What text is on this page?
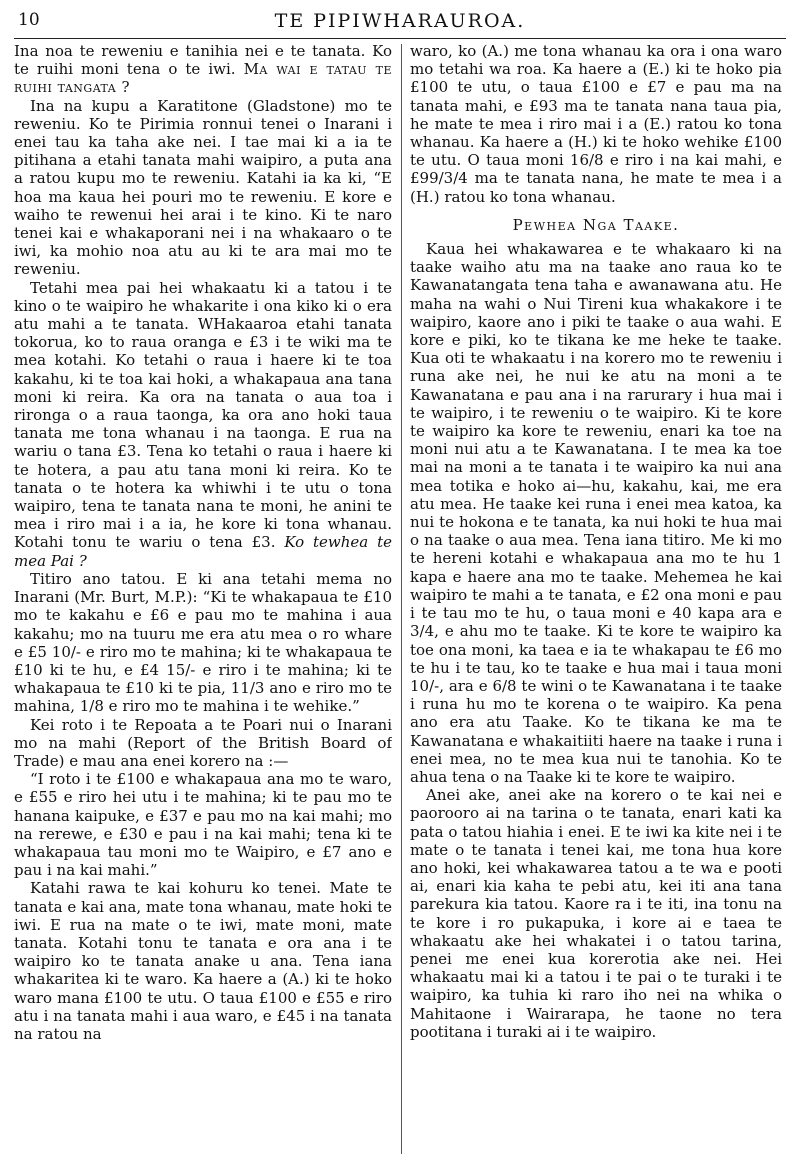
10	TE PIPIWHARAUROA.

Ina noa te reweniu e tanihia nei e te tanata. Ko te ruihi moni tena o te iwi. Ma wai e tatau te ruihi tangata ?

Ina na kupu a Karatitone (Gladstone) mo te reweniu. Ko te Pirimia ronnui tenei o Inarani i enei tau ka taha ake nei. I tae mai ki a ia te pitihana a etahi tanata mahi waipiro, a puta ana a ratou kupu mo te reweniu. Katahi ia ka ki, “E hoa ma kaua hei pouri mo te reweniu. E kore e waiho te rewenui hei arai i te kino. Ki te naro tenei kai e whakaporani nei i na whakaaro o te iwi, ka mohio noa atu au ki te ara mai mo te reweniu.

Tetahi mea pai hei whakaatu ki a tatou i te kino o te waipiro he whakarite i ona kiko ki o era atu mahi a te tanata. WHakaaroa etahi tanata tokorua, ko to raua oranga e £3 i te wiki ma te mea kotahi. Ko tetahi o raua i haere ki te toa kakahu, ki te toa kai hoki, a whakapaua ana tana moni ki reira. Ka ora na tanata o aua toa i rironga o a raua taonga, ka ora ano hoki taua tanata me tona whanau i na taonga. E rua na wariu o tana £3. Tena ko tetahi o raua i haere ki te hotera, a pau atu tana moni ki reira. Ko te tanata o te hotera ka whiwhi i te utu o tona waipiro, tena te tanata nana te moni, he anini te mea i riro mai i a ia, he kore ki tona whanau. Kotahi tonu te wariu o tena £3. Ko tewhea te mea Pai ?

Titiro ano tatou. E ki ana tetahi mema no Inarani (Mr. Burt, M.P.): “Ki te whakapaua te £10 mo te kakahu e £6 e pau mo te mahina i aua kakahu; mo na tuuru me era atu mea o ro whare e £5 10/- e riro mo te mahina; ki te whakapaua te £10 ki te hu, e £4 15/- e riro i te mahina; ki te whakapaua te £10 ki te pia, 11/3 ano e riro mo te mahina, 1/8 e riro mo te mahina i te wehike.”

Kei roto i te Repoata a te Poari nui o Inarani mo na mahi (Report of the British Board of Trade) e mau ana enei korero na :—

“I roto i te £100 e whakapaua ana mo te waro, e £55 e riro hei utu i te mahina; ki te pau mo te hanana kaipuke, e £37 e pau mo na kai mahi; mo na rerewe, e £30 e pau i na kai mahi; tena ki te whakapaua tau moni mo te Waipiro, e £7 ano e pau i na kai mahi.”

Katahi rawa te kai kohuru ko tenei. Mate te tanata e kai ana, mate tona whanau, mate hoki te iwi. E rua na mate o te iwi, mate moni, mate tanata. Kotahi tonu te tanata e ora ana i te waipiro ko te tanata anake u ana. Tena iana whakaritea ki te waro. Ka haere a (A.) ki te hoko waro mana £100 te utu. O taua £100 e £55 e riro atu i na tanata mahi i aua waro, e £45 i na tanata na ratou na

waro, ko (A.) me tona whanau ka ora i ona waro mo tetahi wa roa. Ka haere a (E.) ki te hoko pia £100 te utu, o taua £100 e £7 e pau ma na tanata mahi, e £93 ma te tanata nana taua pia, he mate te mea i riro mai i a (E.) ratou ko tona whanau. Ka haere a (H.) ki te hoko wehike £100 te utu. O taua moni 16/8 e riro i na kai mahi, e £99/3/4 ma te tanata nana, he mate te mea i a (H.) ratou ko tona whanau.

Pewhea Nga Taake.

Kaua hei whakawarea e te whakaaro ki na taake waiho atu ma na taake ano raua ko te Kawanatangata tena taha e awanawana atu. He maha na wahi o Nui Tireni kua whakakore i te waipiro, kaore ano i piki te taake o aua wahi. E kore e piki, ko te tikana ke me heke te taake. Kua oti te whakaatu i na korero mo te reweniu i runa ake nei, he nui ke atu na moni a te Kawanatana e pau ana i na rarurarу i hua mai i te waipiro, i te reweniu o te waipiro. Ki te kore te waipiro ka kore te reweniu, enari ka toe na moni nui atu a te Kawanatana. I te mea ka toe mai na moni a te tanata i te waipiro ka nui ana mea totika e hoko ai—hu, kakahu, kai, me era atu mea. He taake kei runa i enei mea katoa, ka nui te hokona e te tanata, ka nui hoki te hua mai o na taake o aua mea. Tena iana titiro. Me ki mo te hereni kotahi e whakapaua ana mo te hu 1 kapa e haere ana mo te taake. Mehemea he kai waipiro te mahi a te tanata, e £2 ona moni e pau i te tau mo te hu, o taua moni e 40 kapa ara e 3/4, e ahu mo te taake. Ki te kore te waipiro ka toe ona moni, ka taea e ia te whakapau te £6 mo te hu i te tau, ko te taake e hua mai i taua moni 10/-, ara e 6/8 te wini o te Kawanatana i te taake i runa hu mo te korena o te waipiro. Ka pena ano era atu Taake. Ko te tikana ke ma te Kawanatana e whakaitiiti haere na taake i runa i enei mea, no te mea kua nui te tanohia. Ko te ahua tena o na Taake ki te kore te waipiro.

Anei ake, anei ake na korero o te kai nei e paorooro ai na tarina o te tanata, enari kati ka pata o tatou hiahia i enei. E te iwi ka kite nei i te mate o te tanata i tenei kai, me tona hua kore ano hoki, kei whakawarea tatou a te wa e pooti ai, enari kia kaha te pebi atu, kei iti ana tana parekura kia tatou. Kaore ra i te iti, ina tonu na te kore i ro pukapuka, i kore ai e taea te whakaatu ake hei whakatei i o tatou tarina, penei me enei kua korerotia ake nei. Hei whakaatu mai ki a tatou i te pai o te turaki i te waipiro, ka tuhia ki raro iho nei na whika o Mahitaone i Wairarapa, he taone no tera pootitana i turaki ai i te waipiro.
